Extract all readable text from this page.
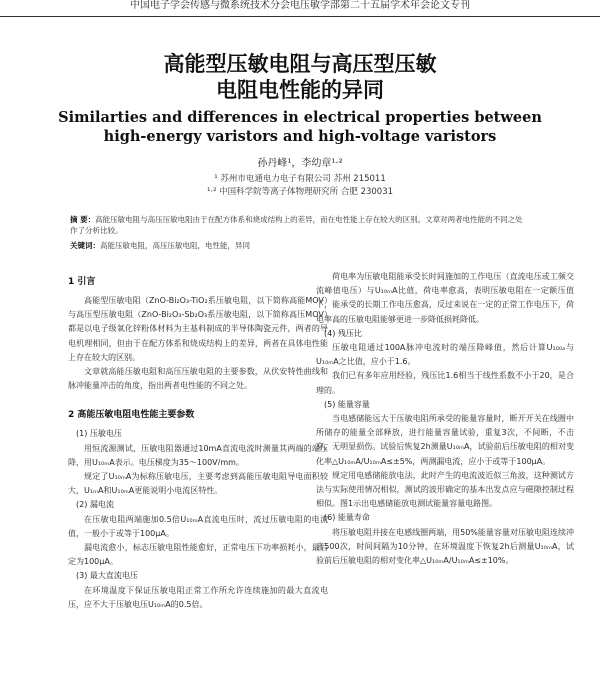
中国电子学会传感与微系统技术分会电压敏学部第二十五届学术年会论文专刊
高能型压敏电阻与高压型压敏
电阻电性能的异同
Similarties and differences in electrical properties between
high-energy varistors and high-voltage varistors
孙丹峰¹，李幼章¹·²
¹ 苏州市电通电力电子有限公司 苏州 215011
¹·² 中国科学院等离子体物理研究所 合肥 230031
摘 要：高能压敏电阻与高压压敏电阻由于在配方体系和烧成结构上的差异，而在电性能上存在较大的区别。文章对两者电性能的不同之处作了分析比较。
关键词：高能压敏电阻，高压压敏电阻，电性能，异同
1 引言

高能型压敏电阻（ZnO-Bi₂O₃-TiO₂系压敏电阻，以下简称高能MOV）与高压型压敏电阻（ZnO-Bi₂O₃-Sb₂O₃系压敏电阻，以下简称高压MOV）都是以电子级氧化锌粉体材料为主基料制成的半导体陶瓷元件，两者的导电机理相同，但由于在配方体系和烧成结构上的差异，两者在具体电性能上存在较大的区别。

文章就高能压敏电阻和高压压敏电阻的主要参数，从伏安特性曲线和脉冲能量冲击的角度，指出两者电性能的不同之处。

2 高能压敏电阻电性能主要参数
(1) 压敏电压

用恒流源测试，压敏电阻器通过10mA直流电流时测量其两端的端压降，用U₁₀ₘA表示。电压梯度为35～100V/mm。

规定了U₁₀ₘA为标称压敏电压，主要考虑到高能压敏电阻导电面积较大，U₁ₘA和U₁₀ₘA更能说明小电流区特性。

(2) 漏电流

在压敏电阻两端施加0.5倍U₁₀ₘA直流电压时，流过压敏电阻的电流值，一般小于或等于100μA。

漏电流愈小，标志压敏电阻性能愈好，正常电压下功率损耗小，最后定为100μA。

(3) 最大直流电压

在环境温度下保证压敏电阻正常工作所允许连续施加的最大直流电压，应不大于压敏电压U₁₀ₘA的0.5倍。

荷电率为压敏电阻能承受长时间施加的工作电压（直流电压或工频交流峰值电压）与U₁₀ₘA比值，荷电率愈高，表明压敏电阻在一定额压值下，能承受的长期工作电压愈高，反过来说在一定的正常工作电压下，荷电率高的压敏电阻能够更进一步降低损耗降低。

(4) 残压比

压敏电阻通过100A脉冲电流时的端压降峰值，然后计算U₁₀₀ₐ与U₁₀ₘA之比值，应小于1.6。

我们已有多年应用经验，残压比1.6相当于线性系数不小于20，是合理的。

(5) 能量容量

当电感储能远大于压敏电阻所承受的能量容量时，断开开关在线圈中所储存的能量全部释放，进行能量容量试验，重复3次，不间断，不击穿，无明显损伤。试验后恢复2h测量U₁₀ₘA，试验前后压敏电阻的相对变化率△U₁₀ₘA/U₁₀ₘA≤±5%，两测漏电流，应小于或等于100μA。

规定用电感储能放电法，此时产生的电流波近似三角波，这种测试方法与实际使用情况相似，测试的波形确定的基本出发点应与磁隙控制过程相似。图1示出电感储能放电测试能量容量电路图。

(6) 能量寿命

将压敏电阻并接在电感线圈两端，用50%能量容量对压敏电阻连续冲击500次，时间间隔为10分钟，在环境温度下恢复2h后测量U₁₀ₘA，试验前后压敏电阻的相对变化率△U₁₀ₘA/U₁₀ₘA≤±10%。
